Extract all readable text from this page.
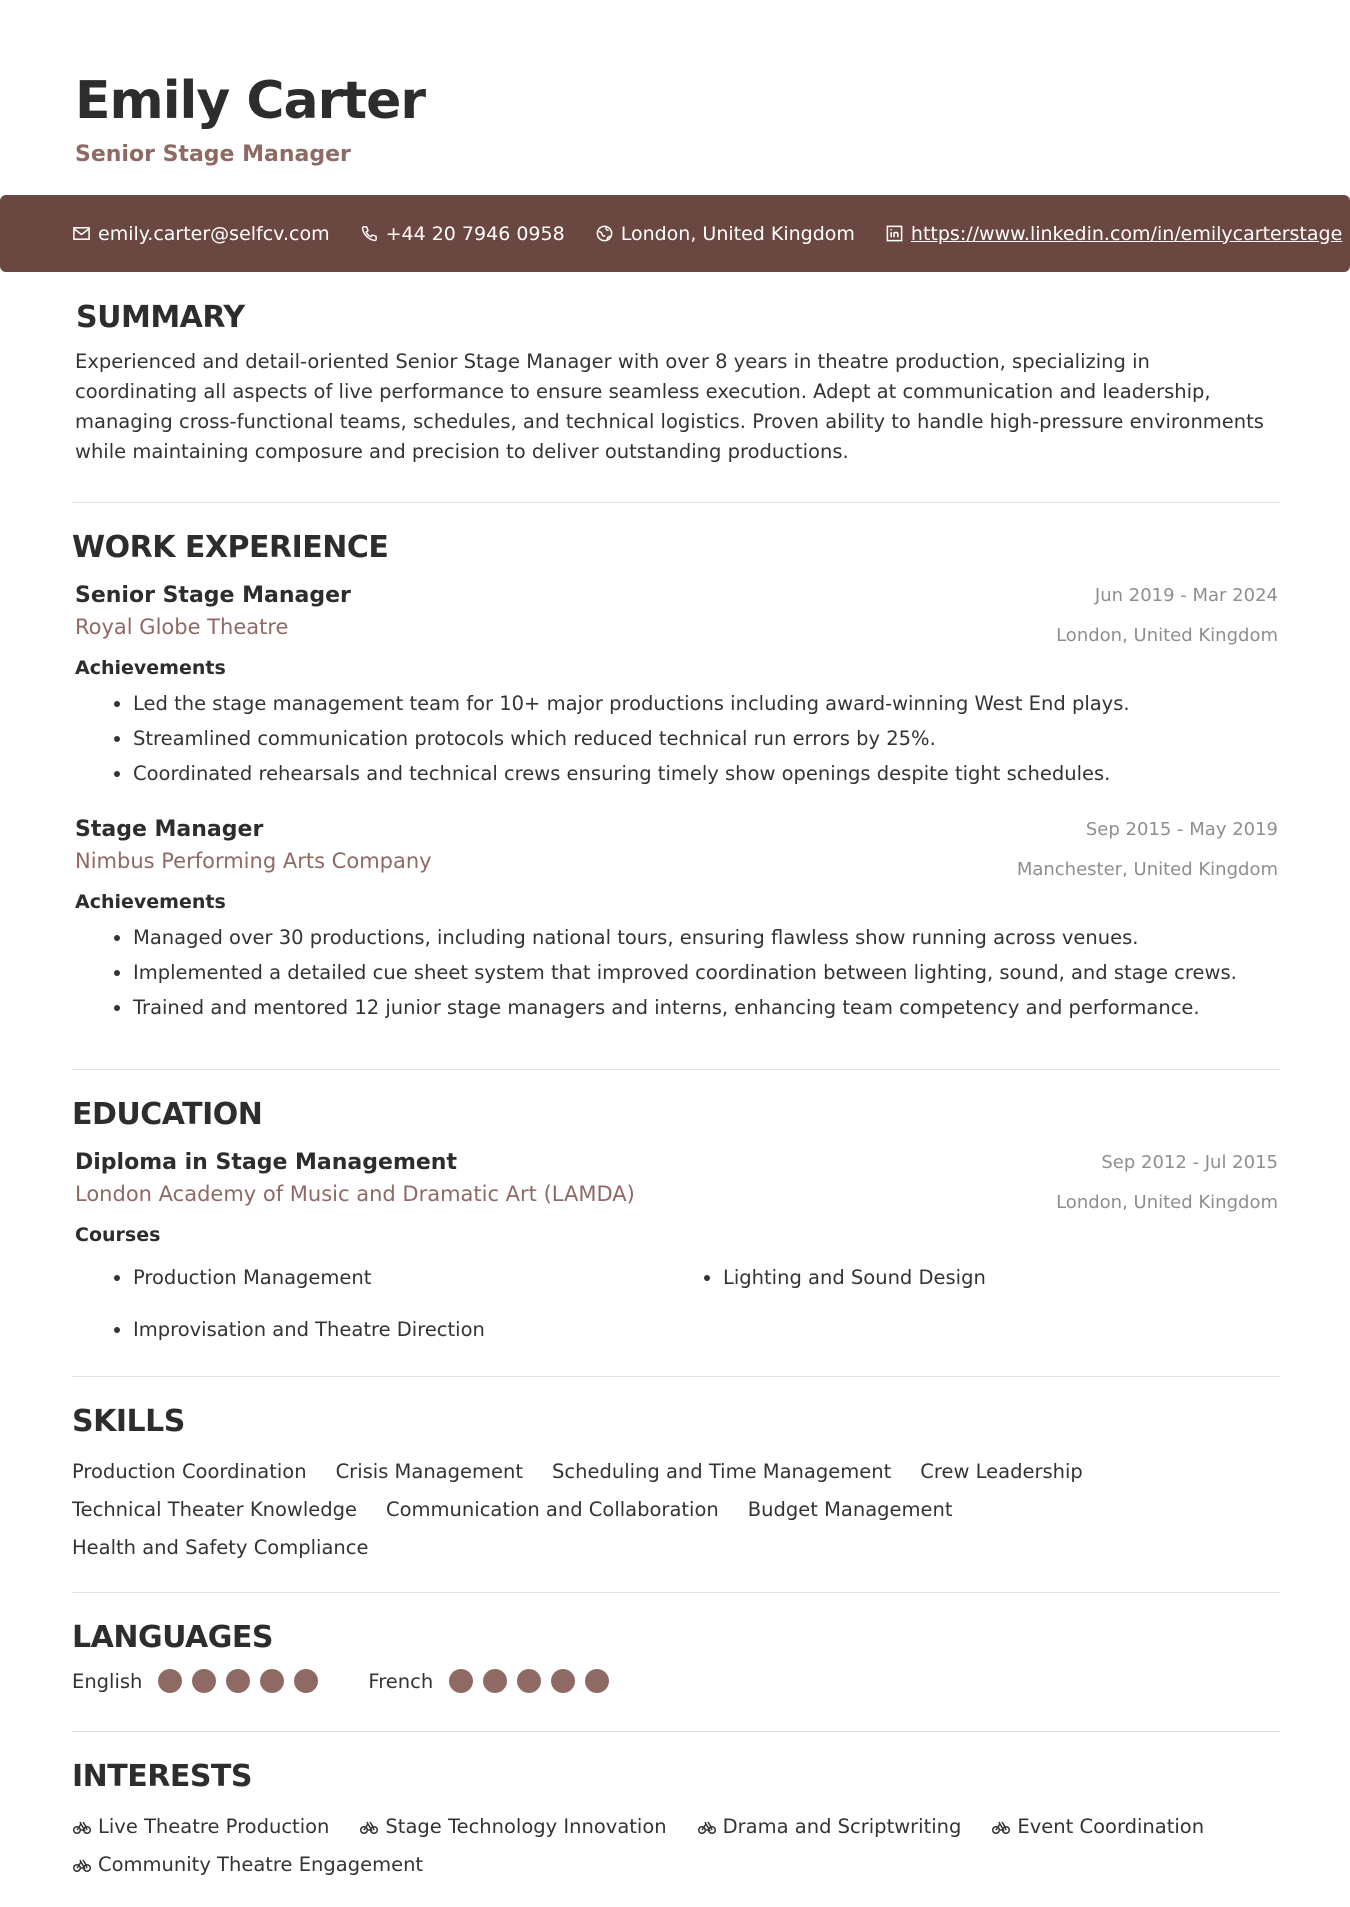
Emily Carter
Senior Stage Manager
emily.carter@selfcv.com	+44 20 7946 0958	London, United Kingdom	https://www.linkedin.com/in/emilycarterstage
SUMMARY

Experienced and detail-oriented Senior Stage Manager with over 8 years in theatre production, specializing in coordinating all aspects of live performance to ensure seamless execution. Adept at communication and leadership, managing cross-functional teams, schedules, and technical logistics. Proven ability to handle high-pressure environments while maintaining composure and precision to deliver outstanding productions.

WORK EXPERIENCE
Senior Stage Manager
Royal Globe Theatre
Jun 2019 - Mar 2024
London, United Kingdom
Achievements
• Led the stage management team for 10+ major productions including award-winning West End plays.
• Streamlined communication protocols which reduced technical run errors by 25%.
• Coordinated rehearsals and technical crews ensuring timely show openings despite tight schedules.
Stage Manager
Nimbus Performing Arts Company
Sep 2015 - May 2019
Manchester, United Kingdom
Achievements
• Managed over 30 productions, including national tours, ensuring flawless show running across venues.
• Implemented a detailed cue sheet system that improved coordination between lighting, sound, and stage crews.
• Trained and mentored 12 junior stage managers and interns, enhancing team competency and performance.
EDUCATION
Diploma in Stage Management
London Academy of Music and Dramatic Art (LAMDA)
Sep 2012 - Jul 2015
London, United Kingdom
Courses
• Production Management
•	Lighting and Sound Design
• Improvisation and Theatre Direction
SKILLS
Production Coordination Crisis Management Scheduling and Time Management Crew Leadership
Technical Theater Knowledge Communication and Collaboration Budget Management
Health and Safety Compliance
LANGUAGES
English	French
INTERESTS
Live Theatre Production	Stage Technology Innovation	Drama and Scriptwriting	Event Coordination
Community Theatre Engagement
